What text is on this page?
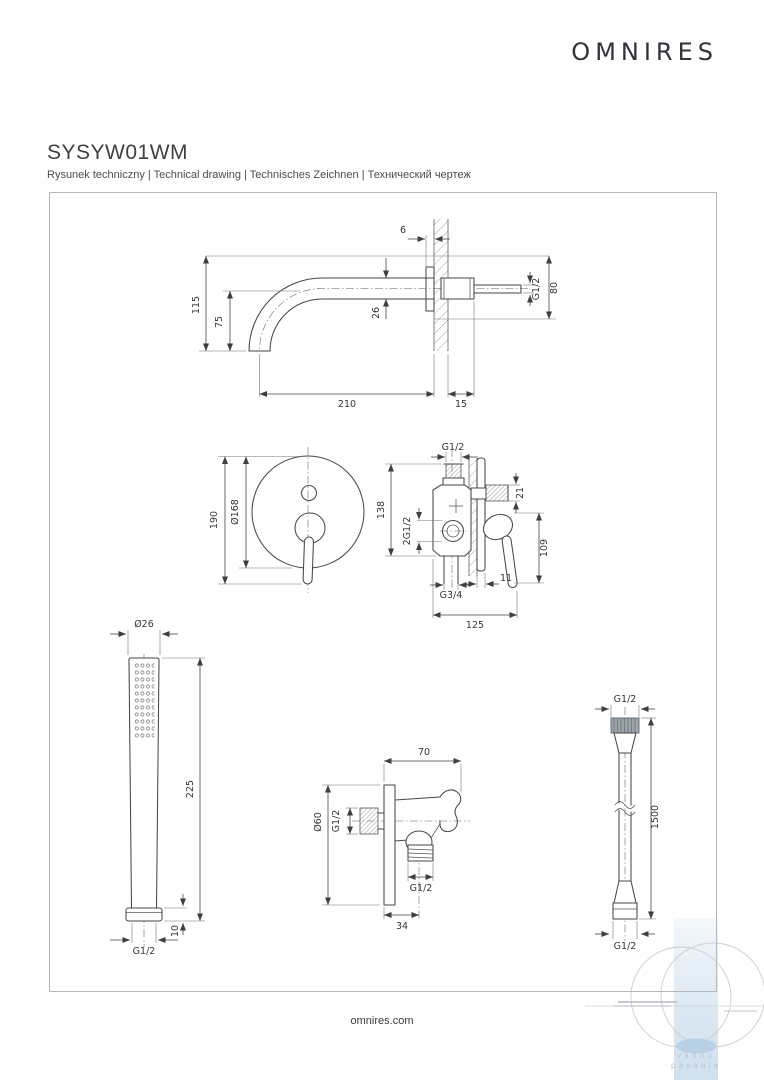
OMNIRES
SYSYW01WM
Rysunek techniczny | Technical drawing | Technisches Zeichnen | Технический чертеж
vannu
pasaule
115
75
26
G1/2 80
6
210	15
190 Ø168
G1/2
21
138
2G1/2
109
11
G3/4
125
Ø26
225
10
G1/2
70
Ø60 G1/2
G1/2
34
G1/2
1500
G1/2
omnires.com
